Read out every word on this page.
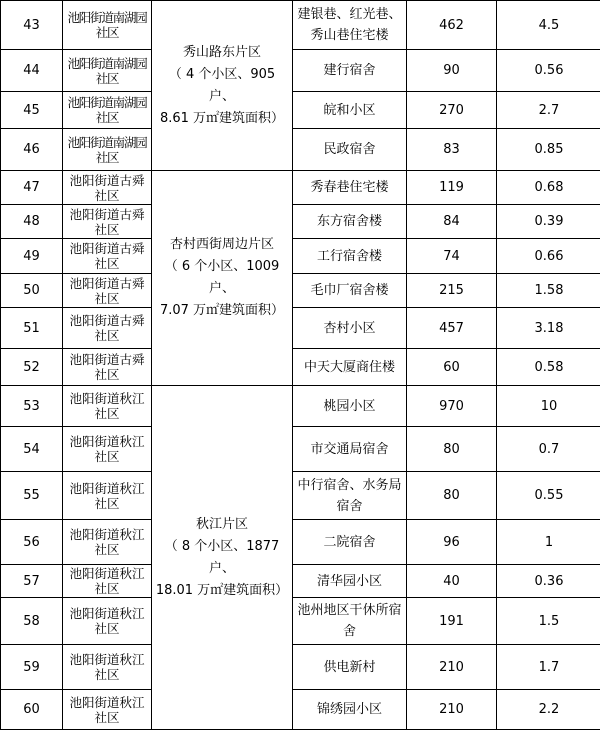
43	池阳街道南湖园社区	秀山路东片区
（ 4 个小区、905 户、
8.61 万㎡建筑面积）	建银巷、红光巷、秀山巷住宅楼	462	4.5
44	池阳街道南湖园社区		建行宿舍	90	0.56
45	池阳街道南湖园社区		皖和小区	270	2.7
46	池阳街道南湖园社区		民政宿舍	83	0.85
47	池阳街道古舜社区	杏村西街周边片区
（ 6 个小区、1009 户、
7.07 万㎡建筑面积）	秀春巷住宅楼	119	0.68
48	池阳街道古舜社区		东方宿舍楼	84	0.39
49	池阳街道古舜社区		工行宿舍楼	74	0.66
50	池阳街道古舜社区		毛巾厂宿舍楼	215	1.58
51	池阳街道古舜社区		杏村小区	457	3.18
52	池阳街道古舜社区		中天大厦商住楼	60	0.58
53	池阳街道秋江社区	秋江片区
（ 8 个小区、1877 户、
18.01 万㎡建筑面积）	桃园小区	970	10
54	池阳街道秋江社区		市交通局宿舍	80	0.7
55	池阳街道秋江社区		中行宿舍、水务局宿舍	80	0.55
56	池阳街道秋江社区		二院宿舍	96	1
57	池阳街道秋江社区		清华园小区	40	0.36
58	池阳街道秋江社区		池州地区干休所宿舍	191	1.5
59	池阳街道秋江社区		供电新村	210	1.7
60	池阳街道秋江社区		锦绣园小区	210	2.2
